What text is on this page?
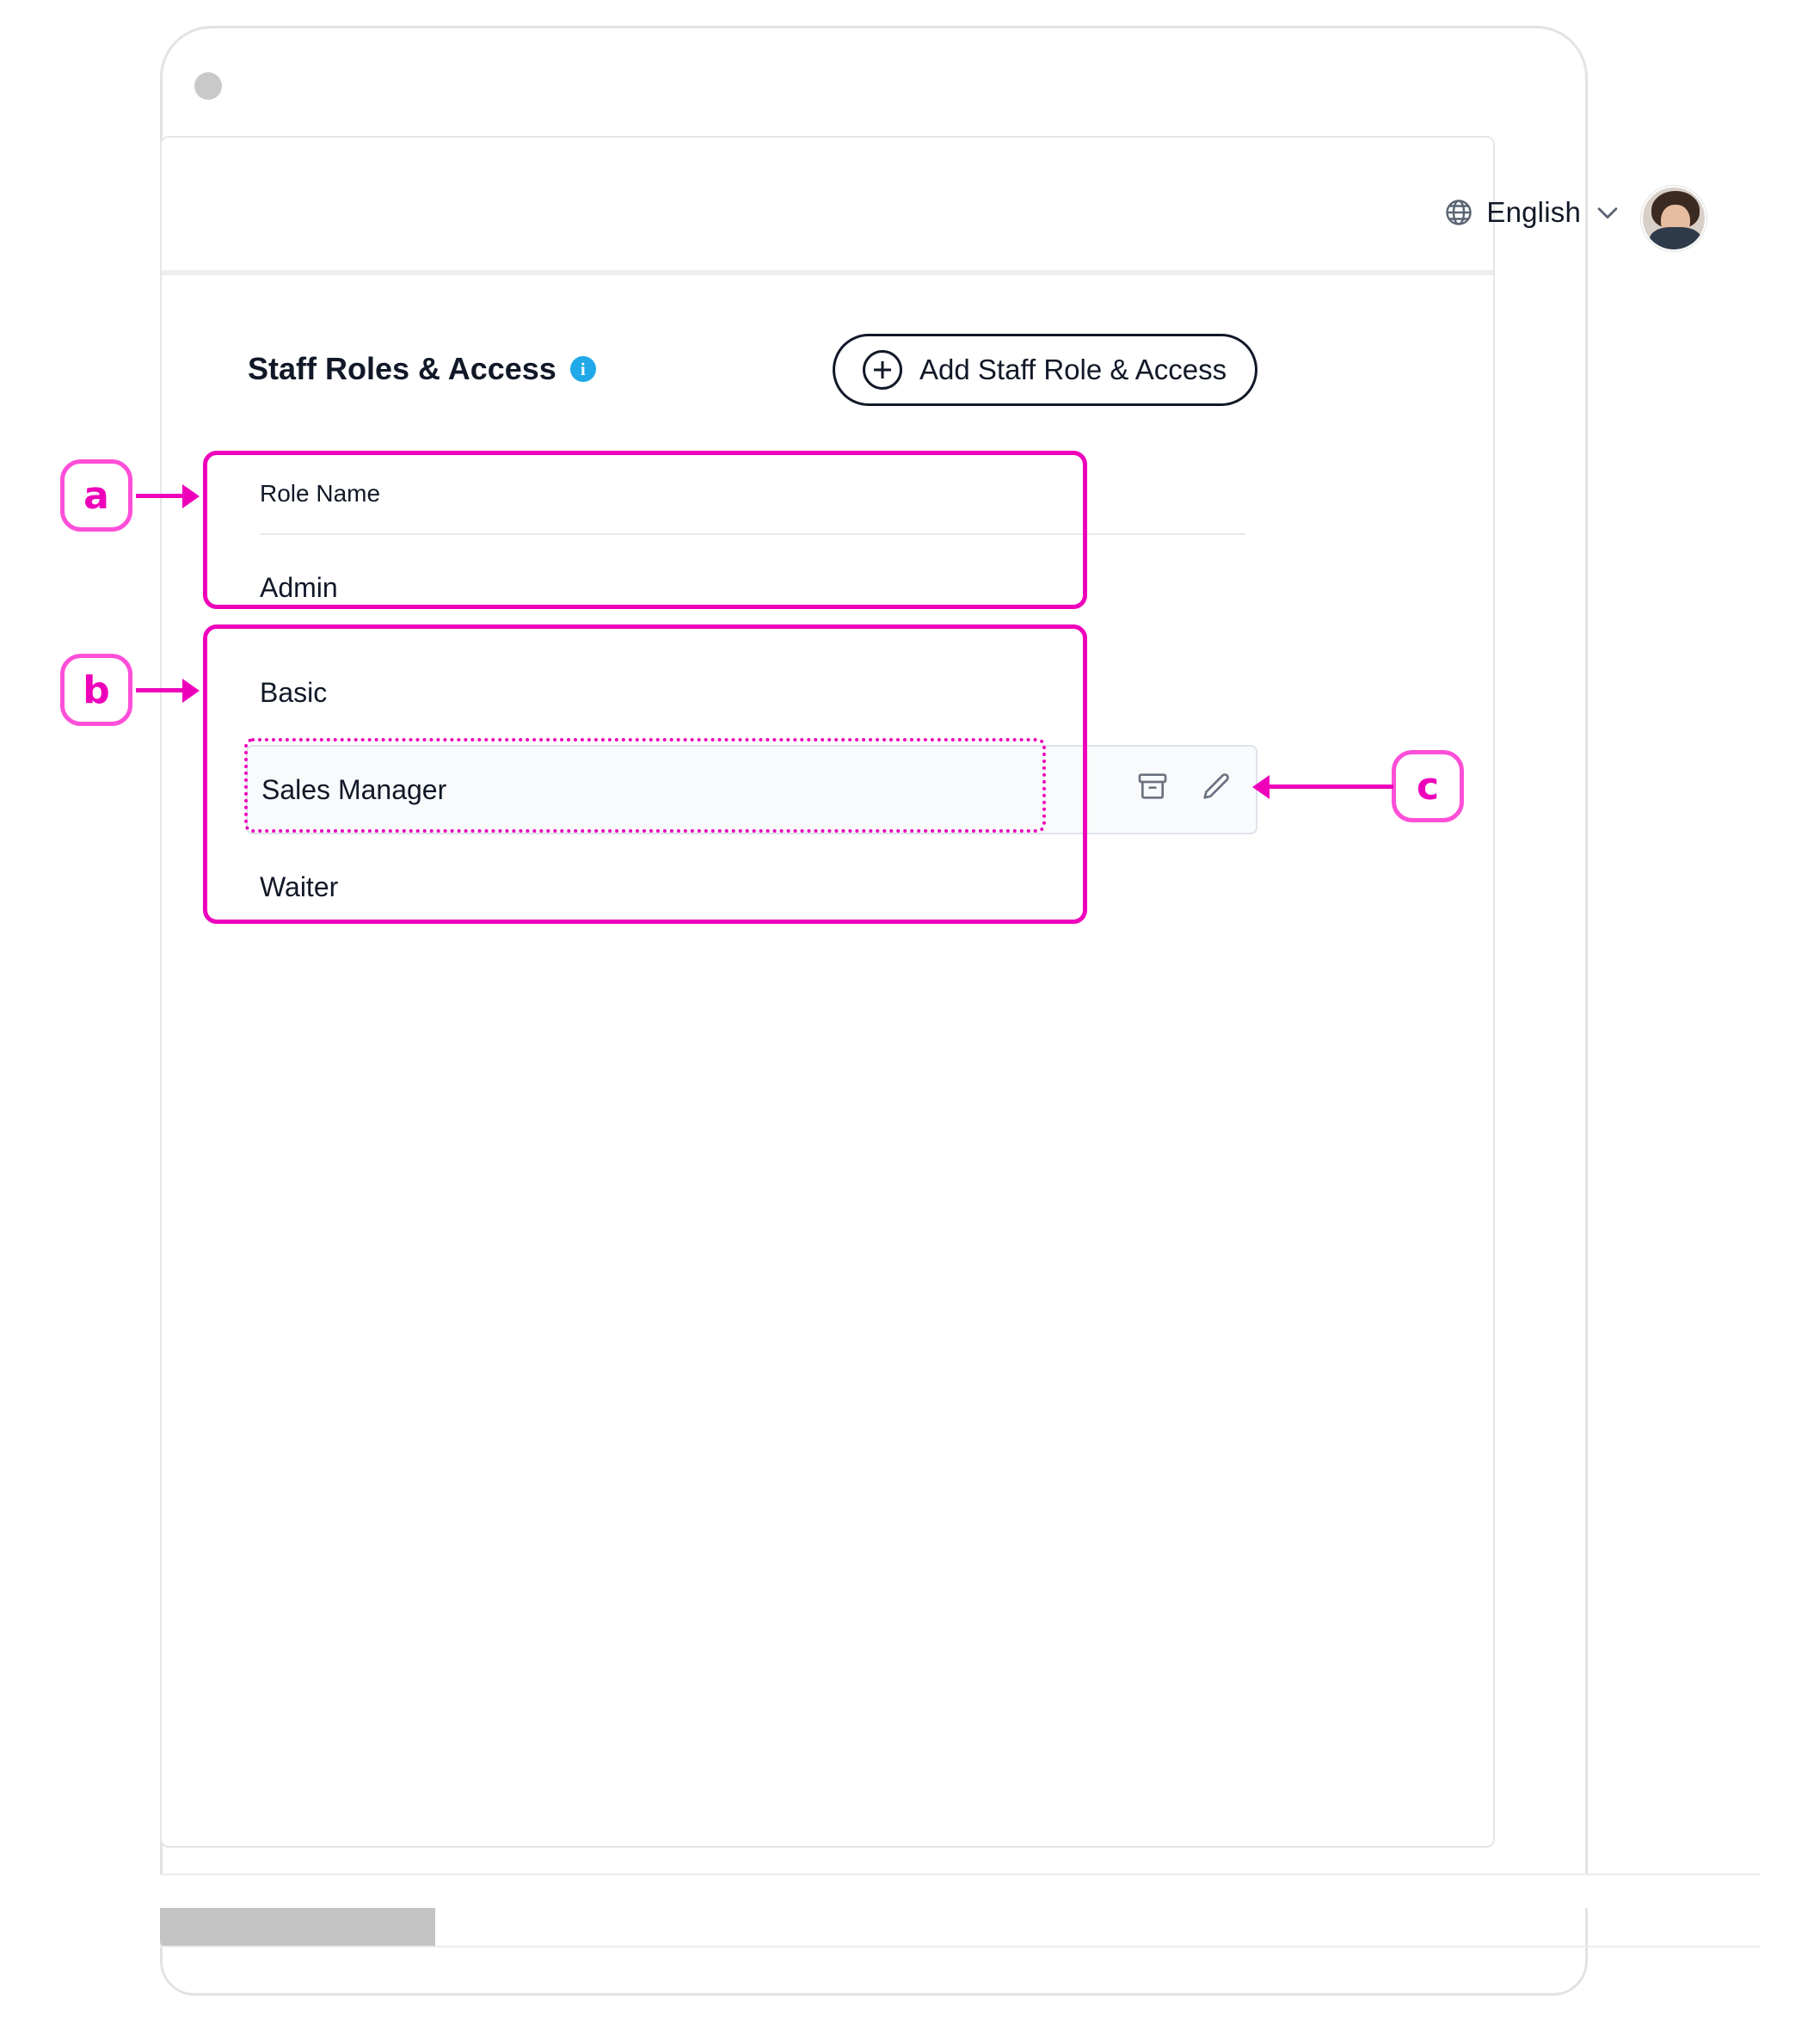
English
Staff Roles & Access	i	Add Staff Role & Access
Role Name
Admin
Basic
Sales Manager
Waiter
a
b
c
